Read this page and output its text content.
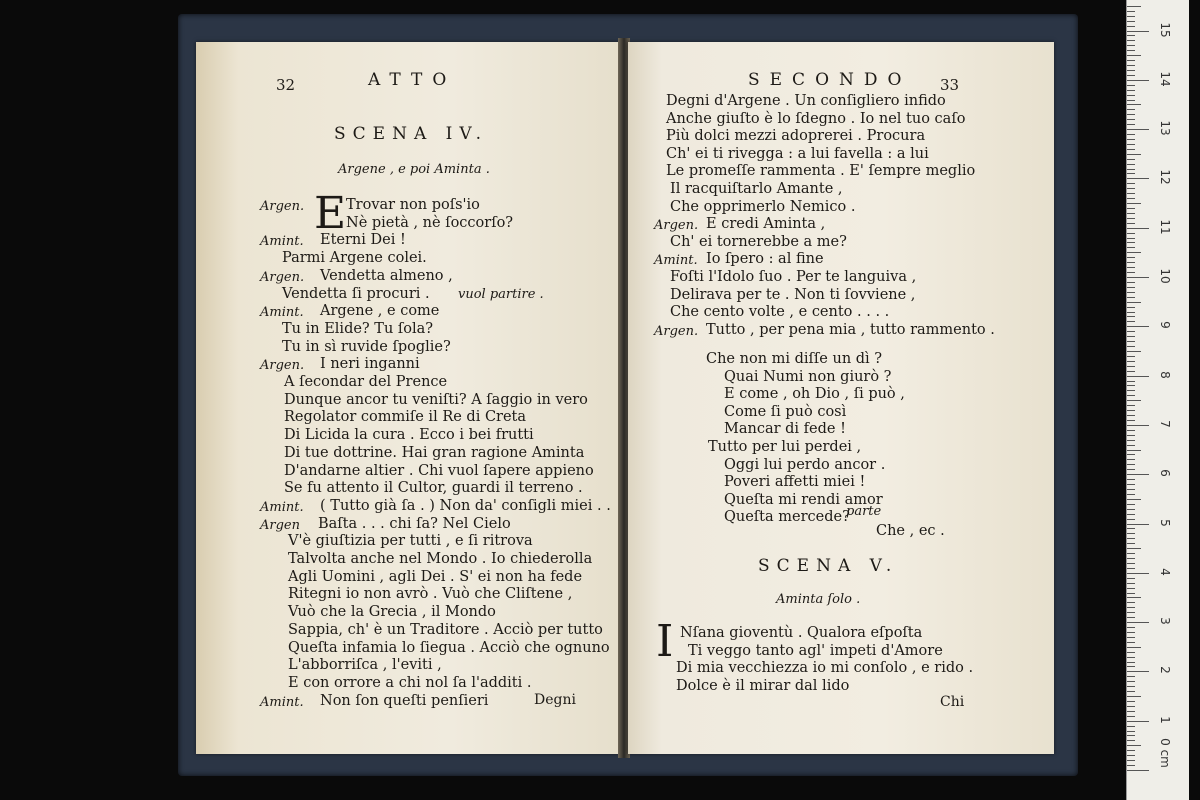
32	ATTO
SCENA IV.
Argene , e poi Aminta .
E
Argen.	Trovar non poſs'io
Nè pietà , nè ſoccorſo?
Amint. Eterni Dei !
Parmi Argene colei.
Argen. Vendetta almeno ,
Vendetta ſi procuri . vuol partire .
Amint. Argene , e come
Tu in Elide? Tu ſola?
Tu in sì ruvide ſpoglie?
Argen. I neri inganni
A ſecondar del Prence
Dunque ancor tu veniſti? A ſaggio in vero
Regolator commiſe il Re di Creta
Di Licida la cura . Ecco i bei frutti
Di tue dottrine. Hai gran ragione Aminta
D'andarne altier . Chi vuol ſapere appieno
Se fu attento il Cultor, guardi il terreno .
Amint. ( Tutto già ſa . ) Non da' conſigli miei . .
Argen Baſta . . . chi ſa? Nel Cielo
V'è giuſtizia per tutti , e ſi ritrova
Talvolta anche nel Mondo . Io chiederolla
Agli Uomini , agli Dei . S' ei non ha fede
Ritegni io non avrò . Vuò che Cliſtene ,
Vuò che la Grecia , il Mondo
Sappia, ch' è un Traditore . Acciò per tutto
Queſta infamia lo ſiegua . Acciò che ognuno
L'abborriſca , l'eviti ,
E con orrore a chi nol ſa l'additi .
Amint. Non ſon queſti penſieri	Degni
SECONDO 33
Degni d'Argene . Un conſigliero infido
Anche giuſto è lo ſdegno . Io nel tuo caſo
Più dolci mezzi adoprerei . Procura
Ch' ei ti rivegga : a lui favella : a lui
Le promeſſe rammenta . E' ſempre meglio
Il racquiſtarlo Amante ,
Che opprimerlo Nemico .
Argen. E credi Aminta ,
Ch' ei tornerebbe a me?
Amint. Io ſpero : al fine
Foſti l'Idolo ſuo . Per te languiva ,
Delirava per te . Non ti ſovviene ,
Che cento volte , e cento . . . .
Argen. Tutto , per pena mia , tutto rammento .
Che non mi diſſe un dì ?
Quai Numi non giurò ?
E come , oh Dio , ſi può ,
Come ſi può così
Mancar di fede !
Tutto per lui perdei ,
Oggi lui perdo ancor .
Poveri affetti miei !
Queſta mi rendi amor
Queſta mercede?
parte
Che , ec .
SCENA V.
Aminta ſolo .
I Nſana gioventù . Qualora eſpoſta
Ti veggo tanto agl' impeti d'Amore
Di mia vecchiezza io mi conſolo , e rido .
Dolce è il mirar dal lido
Chi
0 cm
1
2
3
4
5
6
7
8
9
10
11
12
13
14
15
